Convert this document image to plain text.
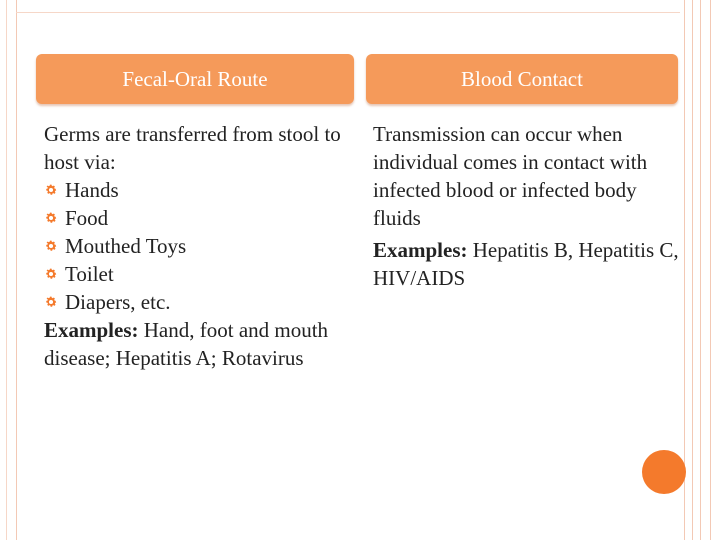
Fecal-Oral Route	Blood Contact

Germs are transferred from stool to host via:

Hands
Food
Mouthed Toys
Toilet
Diapers, etc.

Examples: Hand, foot and mouth disease; Hepatitis A; Rotavirus

Transmission can occur when individual comes in contact with infected blood or infected body fluids

Examples: Hepatitis B, Hepatitis C, HIV/AIDS
